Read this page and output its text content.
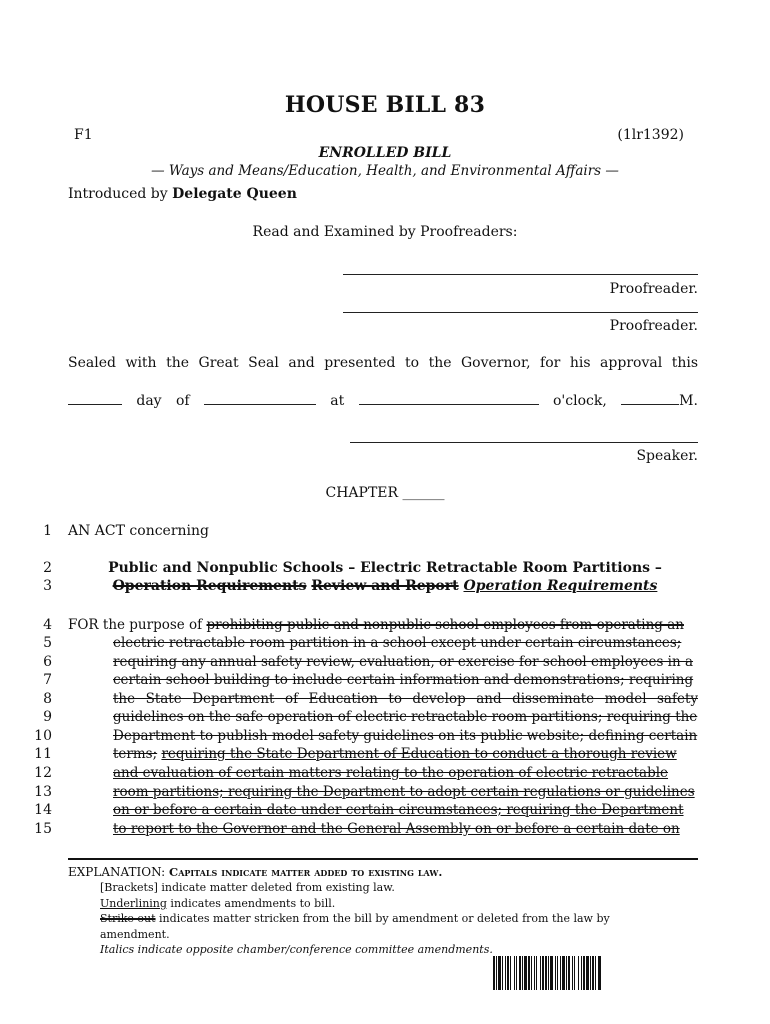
HOUSE BILL 83
F1	(1lr1392)
ENROLLED BILL
— Ways and Means/Education, Health, and Environmental Affairs —
Introduced by Delegate Queen
Read and Examined by Proofreaders:
Proofreader.
Proofreader.
Sealed with the Great Seal and presented to the Governor, for his approval this
day of	at	o'clock,	M.
Speaker.
CHAPTER ______
1
2
3
4
5
6
7
8
9
10
11
12
13
14
15
AN ACT concerning
Public and Nonpublic Schools – Electric Retractable Room Partitions –
Operation Requirements Review and Report Operation Requirements
FOR the purpose of prohibiting public and nonpublic school employees from operating an
electric retractable room partition in a school except under certain circumstances;
requiring any annual safety review, evaluation, or exercise for school employees in a
certain school building to include certain information and demonstrations; requiring
the State Department of Education to develop and disseminate model safety
guidelines on the safe operation of electric retractable room partitions; requiring the
Department to publish model safety guidelines on its public website; defining certain
terms; requiring the State Department of Education to conduct a thorough review
and evaluation of certain matters relating to the operation of electric retractable
room partitions; requiring the Department to adopt certain regulations or guidelines
on or before a certain date under certain circumstances; requiring the Department
to report to the Governor and the General Assembly on or before a certain date on
EXPLANATION: Capitals indicate matter added to existing law.
[Brackets] indicate matter deleted from existing law.
Underlining indicates amendments to bill.
Strike out indicates matter stricken from the bill by amendment or deleted from the law by
amendment.
Italics indicate opposite chamber/conference committee amendments.
